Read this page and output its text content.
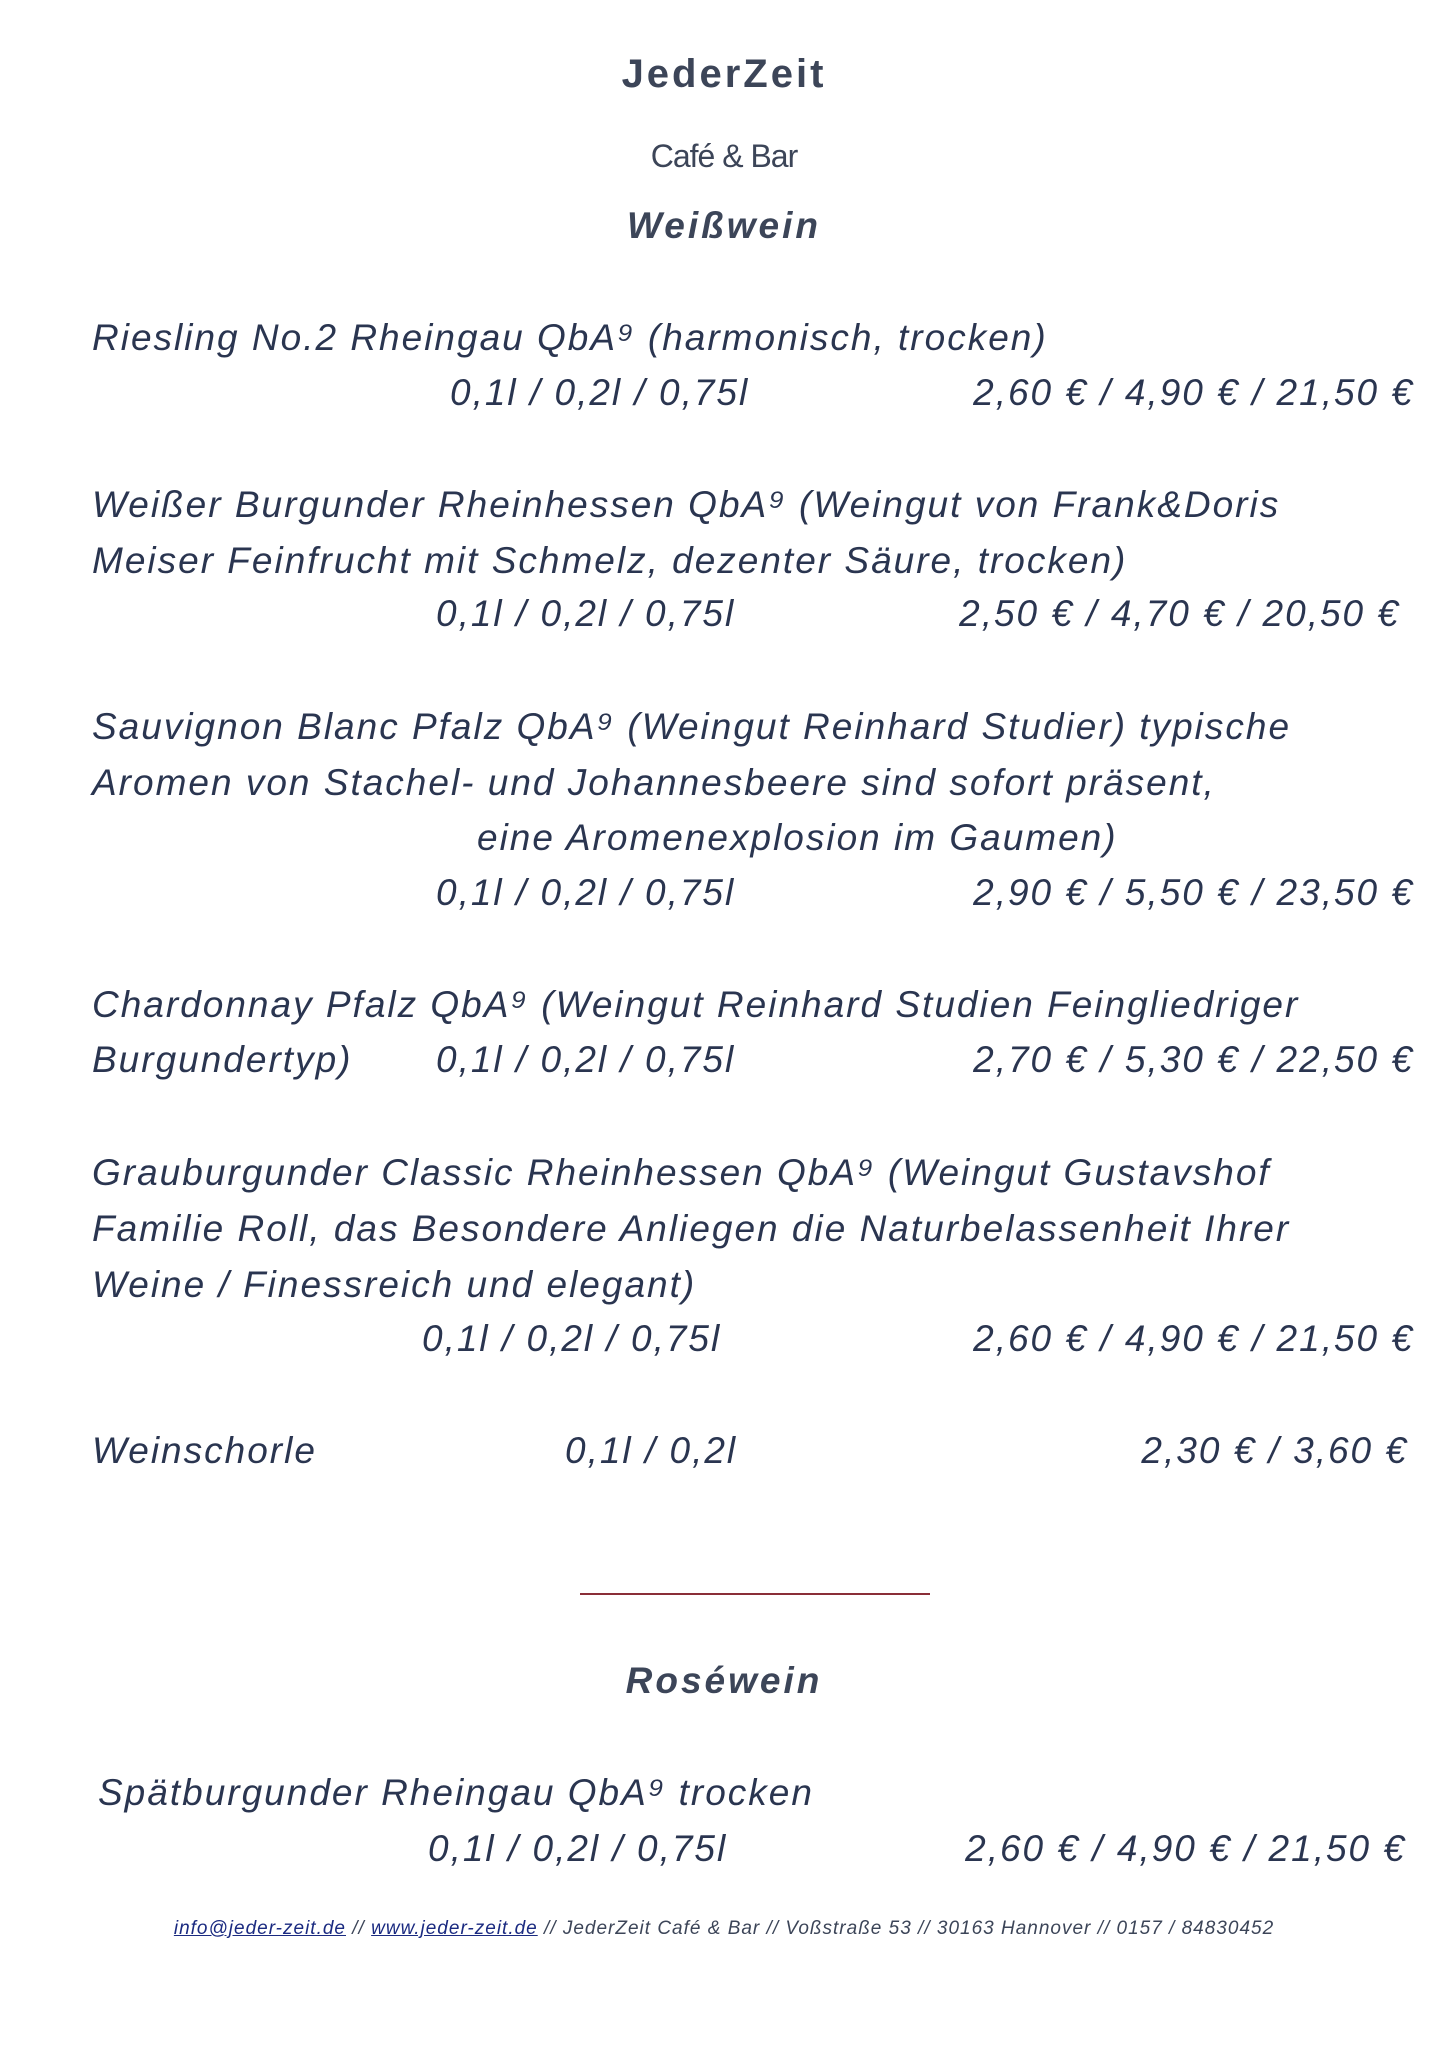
JederZeit
Café & Bar
Weißwein
Riesling No.2 Rheingau QbA⁹ (harmonisch, trocken)
0,1l / 0,2l / 0,75l	2,60 € / 4,90 € / 21,50 €
Weißer Burgunder Rheinhessen QbA⁹ (Weingut von Frank&Doris
Meiser Feinfrucht mit Schmelz, dezenter Säure, trocken)
0,1l / 0,2l / 0,75l	2,50 € / 4,70 € / 20,50 €
Sauvignon Blanc Pfalz QbA⁹ (Weingut Reinhard Studier) typische
Aromen von Stachel- und Johannesbeere sind sofort präsent,
eine Aromenexplosion im Gaumen)
0,1l / 0,2l / 0,75l	2,90 € / 5,50 € / 23,50 €
Chardonnay Pfalz QbA⁹ (Weingut Reinhard Studien Feingliedriger
Burgundertyp) 0,1l / 0,2l / 0,75l	2,70 € / 5,30 € / 22,50 €
Grauburgunder Classic Rheinhessen QbA⁹ (Weingut Gustavshof
Familie Roll, das Besondere Anliegen die Naturbelassenheit Ihrer
Weine / Finessreich und elegant)
0,1l / 0,2l / 0,75l	2,60 € / 4,90 € / 21,50 €
Weinschorle	0,1l / 0,2l	2,30 € / 3,60 €
Roséwein
Spätburgunder Rheingau QbA⁹ trocken
0,1l / 0,2l / 0,75l	2,60 € / 4,90 € / 21,50 €
info@jeder-zeit.de // www.jeder-zeit.de // JederZeit Café & Bar // Voßstraße 53 // 30163 Hannover // 0157 / 84830452
